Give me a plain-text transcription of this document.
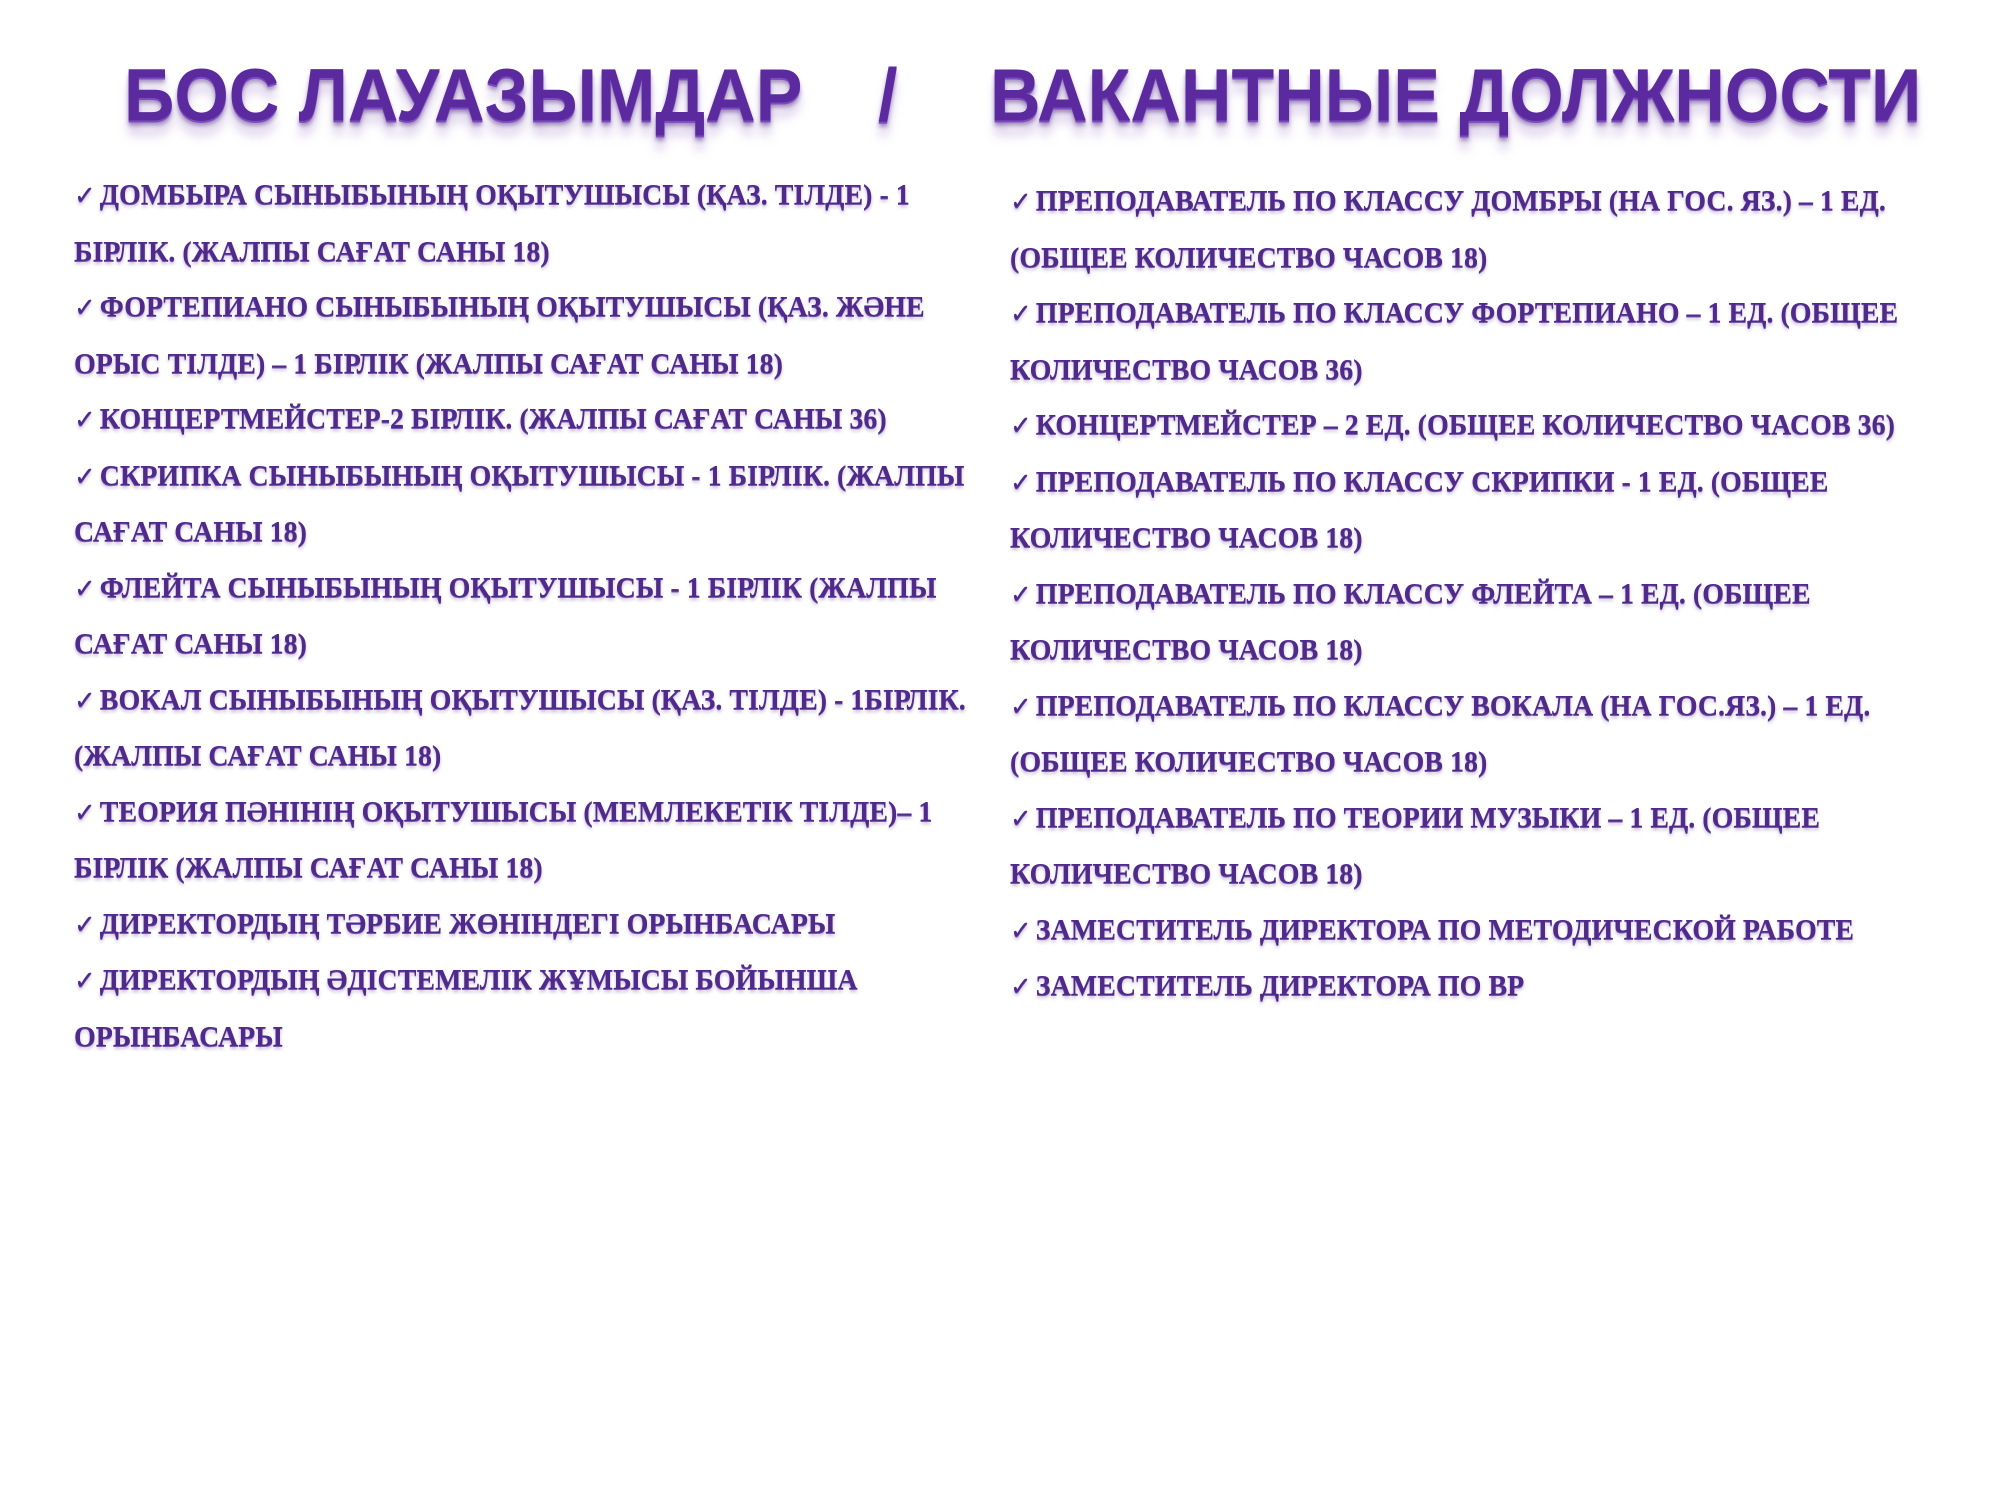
БОС ЛАУАЗЫМДАР / ВАКАНТНЫЕ ДОЛЖНОСТИ
✓ ДОМБЫРА СЫНЫБЫНЫҢ ОҚЫТУШЫСЫ (ҚАЗ. ТІЛДЕ) - 1 БІРЛІК. (ЖАЛПЫ САҒАТ САНЫ 18)
✓ ФОРТЕПИАНО СЫНЫБЫНЫҢ ОҚЫТУШЫСЫ (ҚАЗ. ЖӘНЕ ОРЫС ТІЛДЕ) – 1 БІРЛІК (ЖАЛПЫ САҒАТ САНЫ 18)
✓ КОНЦЕРТМЕЙСТЕР-2 БІРЛІК. (ЖАЛПЫ САҒАТ САНЫ 36)
✓ СКРИПКА СЫНЫБЫНЫҢ ОҚЫТУШЫСЫ - 1 БІРЛІК. (ЖАЛПЫ САҒАТ САНЫ 18)
✓ ФЛЕЙТА СЫНЫБЫНЫҢ ОҚЫТУШЫСЫ - 1 БІРЛІК (ЖАЛПЫ САҒАТ САНЫ 18)
✓ ВОКАЛ СЫНЫБЫНЫҢ ОҚЫТУШЫСЫ (ҚАЗ. ТІЛДЕ) - 1БІРЛІК. (ЖАЛПЫ САҒАТ САНЫ 18)
✓ ТЕОРИЯ ПӘНІНІҢ ОҚЫТУШЫСЫ (МЕМЛЕКЕТІК ТІЛДЕ)– 1 БІРЛІК (ЖАЛПЫ САҒАТ САНЫ 18)
✓ ДИРЕКТОРДЫҢ ТӘРБИЕ ЖӨНІНДЕГІ ОРЫНБАСАРЫ
✓ ДИРЕКТОРДЫҢ ӘДІСТЕМЕЛІК ЖҰМЫСЫ БОЙЫНША ОРЫНБАСАРЫ
✓ ПРЕПОДАВАТЕЛЬ ПО КЛАССУ ДОМБРЫ (НА ГОС. ЯЗ.) – 1 ЕД. (ОБЩЕЕ КОЛИЧЕСТВО ЧАСОВ 18)
✓ ПРЕПОДАВАТЕЛЬ ПО КЛАССУ ФОРТЕПИАНО – 1 ЕД. (ОБЩЕЕ КОЛИЧЕСТВО ЧАСОВ 36)
✓ КОНЦЕРТМЕЙСТЕР – 2 ЕД. (ОБЩЕЕ КОЛИЧЕСТВО ЧАСОВ 36)
✓ ПРЕПОДАВАТЕЛЬ ПО КЛАССУ СКРИПКИ - 1 ЕД. (ОБЩЕЕ КОЛИЧЕСТВО ЧАСОВ 18)
✓ ПРЕПОДАВАТЕЛЬ ПО КЛАССУ ФЛЕЙТА – 1 ЕД. (ОБЩЕЕ КОЛИЧЕСТВО ЧАСОВ 18)
✓ ПРЕПОДАВАТЕЛЬ ПО КЛАССУ ВОКАЛА (НА ГОС.ЯЗ.) – 1 ЕД. (ОБЩЕЕ КОЛИЧЕСТВО ЧАСОВ 18)
✓ ПРЕПОДАВАТЕЛЬ ПО ТЕОРИИ МУЗЫКИ – 1 ЕД. (ОБЩЕЕ КОЛИЧЕСТВО ЧАСОВ 18)
✓ ЗАМЕСТИТЕЛЬ ДИРЕКТОРА ПО МЕТОДИЧЕСКОЙ РАБОТЕ
✓ ЗАМЕСТИТЕЛЬ ДИРЕКТОРА ПО ВР
